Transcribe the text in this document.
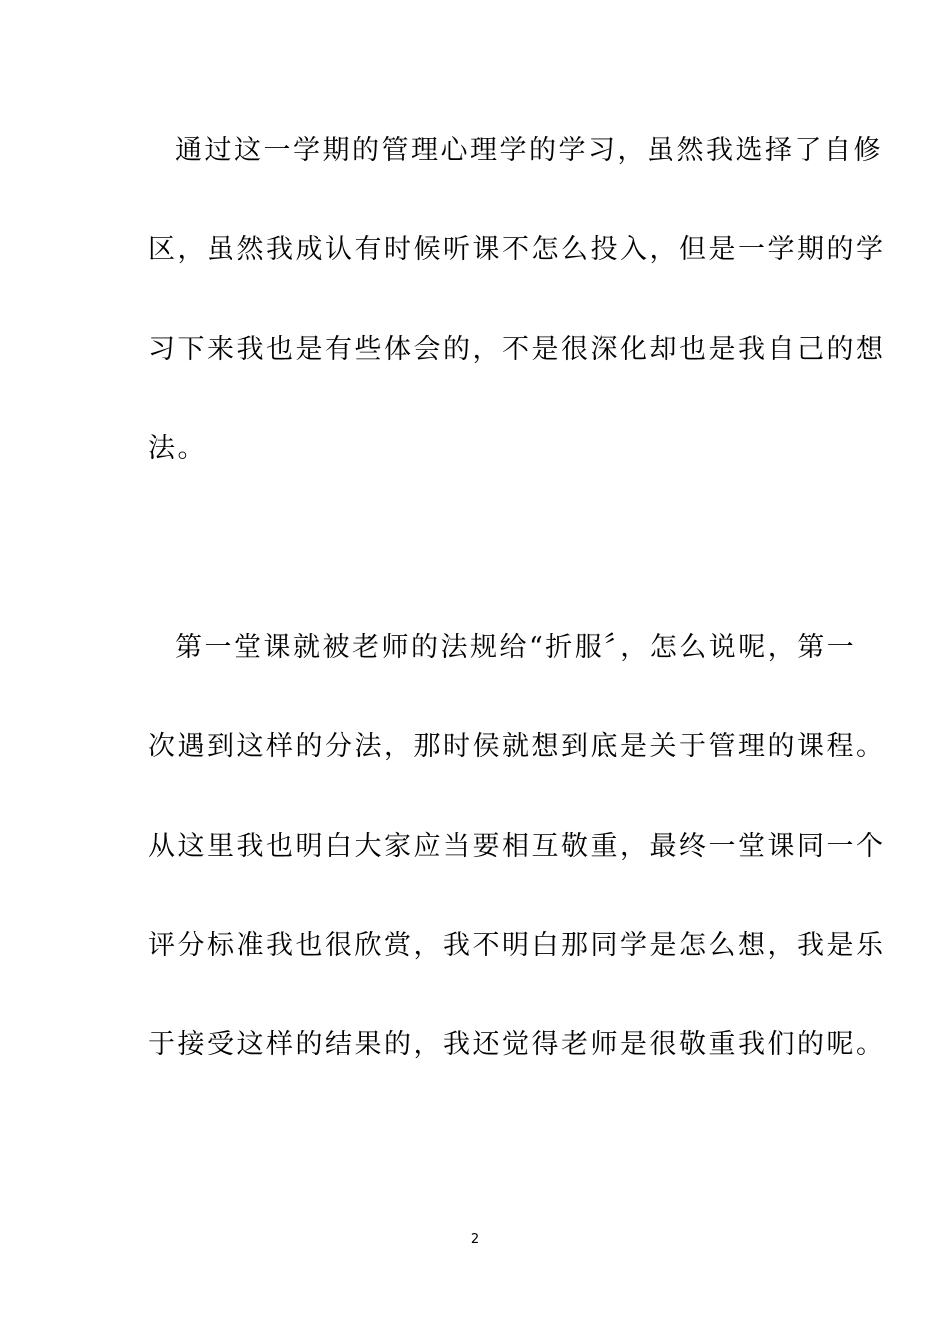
通过这一学期的管理心理学的学习，虽然我选择了自修
区，虽然我成认有时候听课不怎么投入，但是一学期的学
习下来我也是有些体会的，不是很深化却也是我自己的想
法。
第一堂课就被老师的法规给“折服〞，怎么说呢，第一
次遇到这样的分法，那时侯就想到底是关于管理的课程。
从这里我也明白大家应当要相互敬重，最终一堂课同一个
评分标准我也很欣赏，我不明白那同学是怎么想，我是乐
于接受这样的结果的，我还觉得老师是很敬重我们的呢。
2
